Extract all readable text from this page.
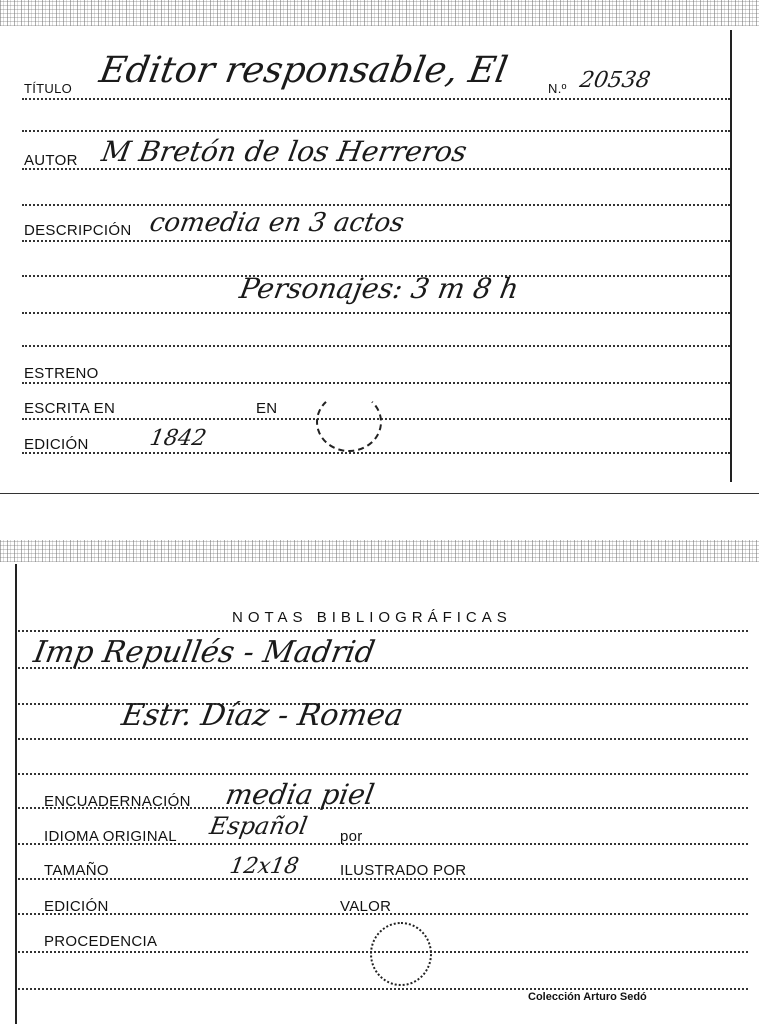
TÍTULO Editor responsable, El	N.º 20538
AUTOR M Bretón de los Herreros
DESCRIPCIÓN comedia en 3 actos
Personajes: 3 m 8 h
ESTRENO
ESCRITA EN	EN
EDICIÓN	1842
NOTAS BIBLIOGRÁFICAS
Imp Repullés - Madrid
Estr. Díaz - Romea
ENCUADERNACIÓN media piel
IDIOMA ORIGINAL Español por
TAMAÑO	12x18	ILUSTRADO POR
EDICIÓN	VALOR
PROCEDENCIA
Colección Arturo Sedó
